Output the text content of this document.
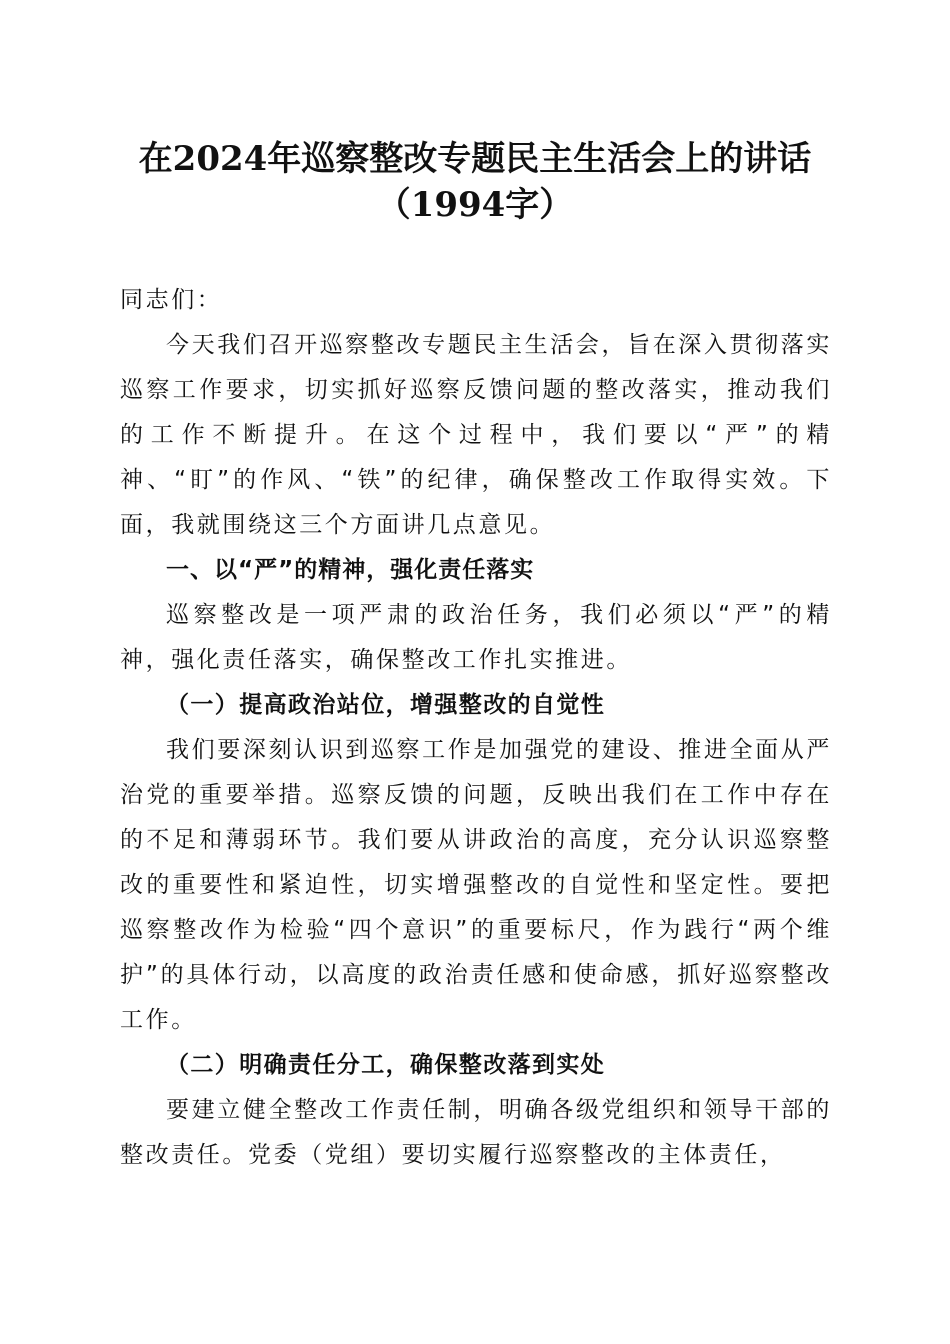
在2024年巡察整改专题民主生活会上的讲话
（1994字）

同志们：

今天我们召开巡察整改专题民主生活会，旨在深入贯彻落实巡察工作要求，切实抓好巡察反馈问题的整改落实，推动我们的工作不断提升。在这个过程中，我们要以“严”的精神、“盯”的作风、“铁”的纪律，确保整改工作取得实效。下面，我就围绕这三个方面讲几点意见。

一、以“严”的精神，强化责任落实

巡察整改是一项严肃的政治任务，我们必须以“严”的精神，强化责任落实，确保整改工作扎实推进。

（一）提高政治站位，增强整改的自觉性

我们要深刻认识到巡察工作是加强党的建设、推进全面从严治党的重要举措。巡察反馈的问题，反映出我们在工作中存在的不足和薄弱环节。我们要从讲政治的高度，充分认识巡察整改的重要性和紧迫性，切实增强整改的自觉性和坚定性。要把巡察整改作为检验“四个意识”的重要标尺，作为践行“两个维护”的具体行动，以高度的政治责任感和使命感，抓好巡察整改工作。

（二）明确责任分工，确保整改落到实处

要建立健全整改工作责任制，明确各级党组织和领导干部的整改责任。党委（党组）要切实履行巡察整改的主体责任，
